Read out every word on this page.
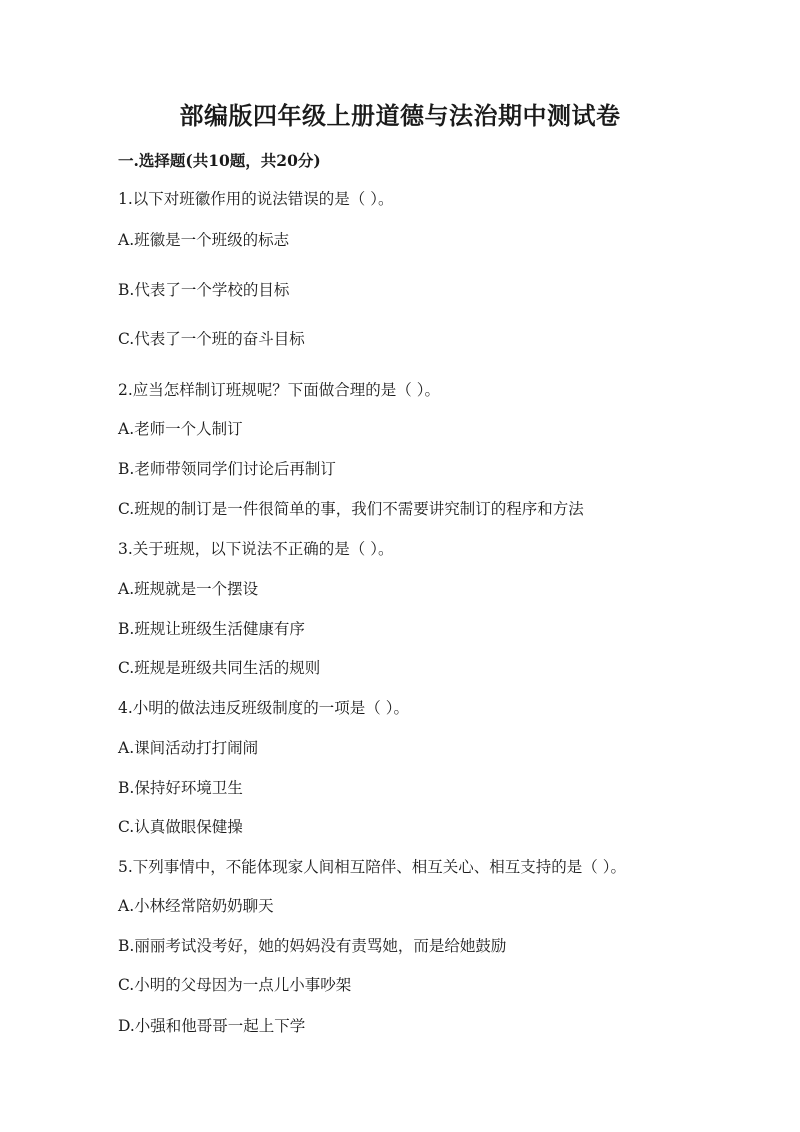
部编版四年级上册道德与法治期中测试卷

一.选择题(共10题，共20分)

1.以下对班徽作用的说法错误的是（ ）。

A.班徽是一个班级的标志

B.代表了一个学校的目标

C.代表了一个班的奋斗目标

2.应当怎样制订班规呢？下面做合理的是（ ）。

A.老师一个人制订

B.老师带领同学们讨论后再制订

C.班规的制订是一件很简单的事，我们不需要讲究制订的程序和方法

3.关于班规，以下说法不正确的是（ ）。

A.班规就是一个摆设

B.班规让班级生活健康有序

C.班规是班级共同生活的规则

4.小明的做法违反班级制度的一项是（ ）。

A.课间活动打打闹闹

B.保持好环境卫生

C.认真做眼保健操

5.下列事情中，不能体现家人间相互陪伴、相互关心、相互支持的是（ ）。

A.小林经常陪奶奶聊天

B.丽丽考试没考好，她的妈妈没有责骂她，而是给她鼓励

C.小明的父母因为一点儿小事吵架

D.小强和他哥哥一起上下学
